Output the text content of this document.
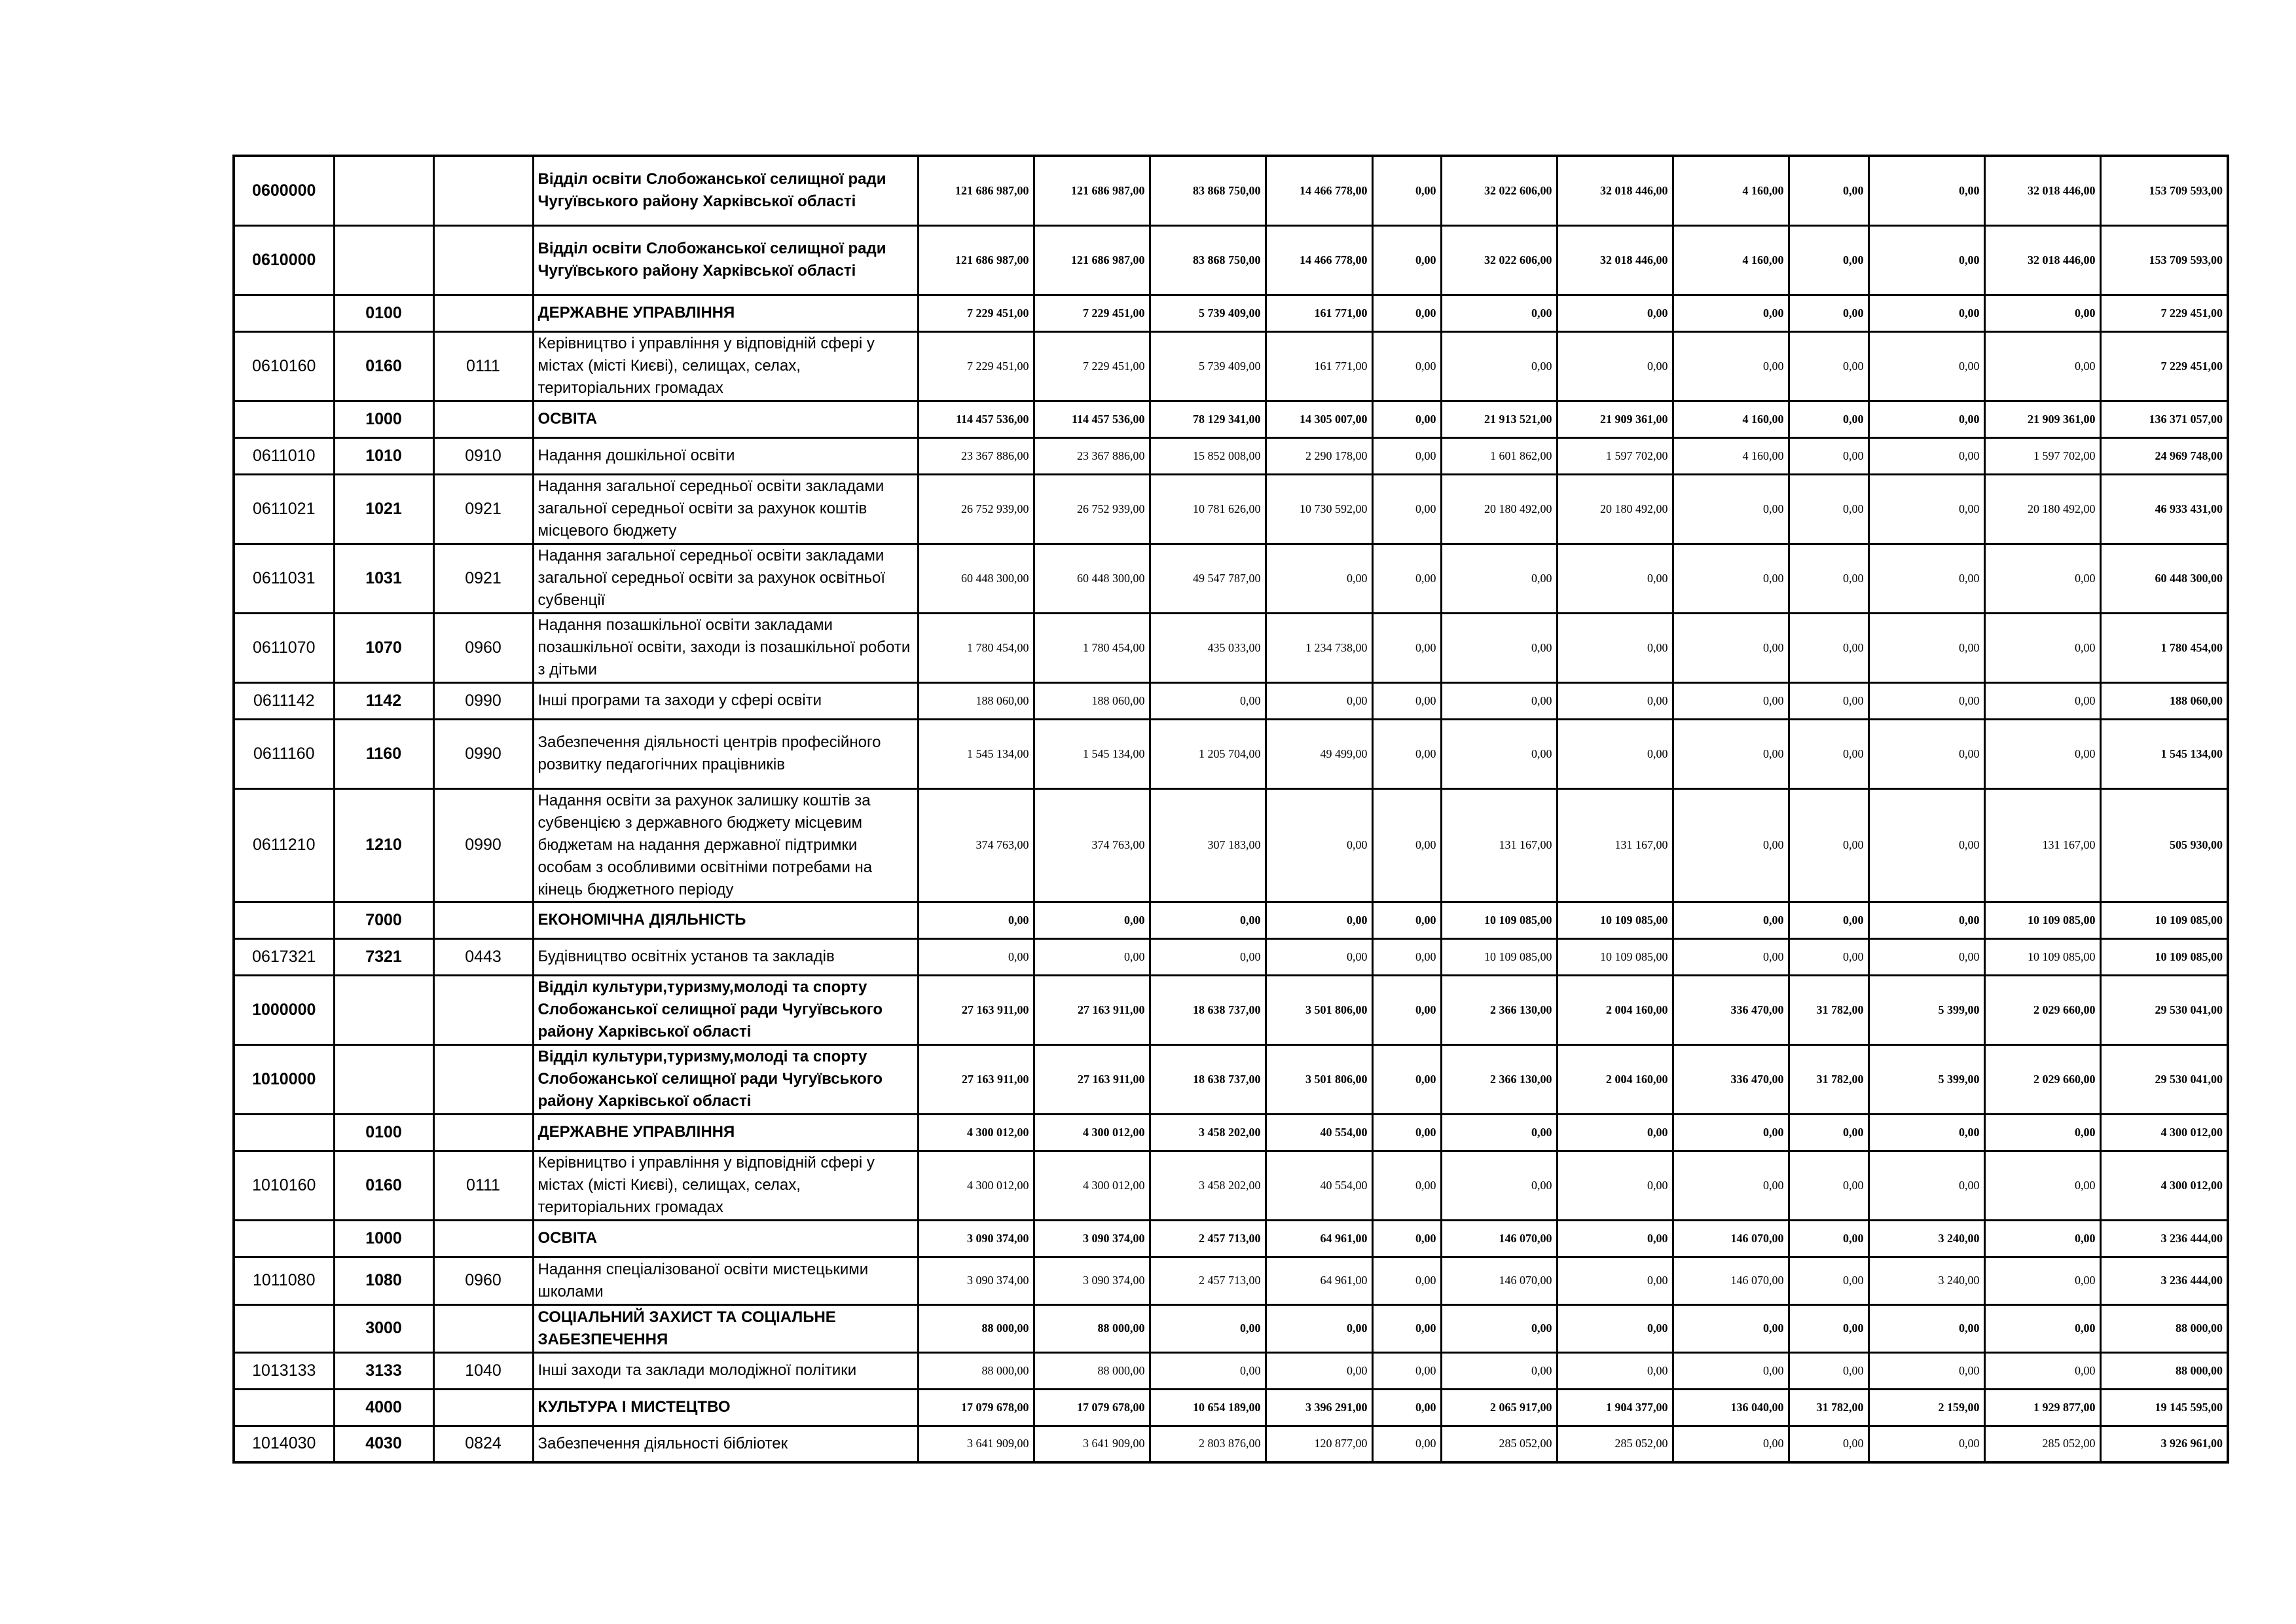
0600000			Відділ освіти Слобожанської селищної ради Чугуївського району Харківської області	121 686 987,00	121 686 987,00	83 868 750,00	14 466 778,00	0,00	32 022 606,00	32 018 446,00	4 160,00	0,00	0,00	32 018 446,00	153 709 593,00
0610000			Відділ освіти Слобожанської селищної ради Чугуївського району Харківської області	121 686 987,00	121 686 987,00	83 868 750,00	14 466 778,00	0,00	32 022 606,00	32 018 446,00	4 160,00	0,00	0,00	32 018 446,00	153 709 593,00
	0100		ДЕРЖАВНЕ УПРАВЛІННЯ	7 229 451,00	7 229 451,00	5 739 409,00	161 771,00	0,00	0,00	0,00	0,00	0,00	0,00	0,00	7 229 451,00
0610160	0160	0111	Керівництво і управління у відповідній сфері у містах (місті Києві), селищах, селах, територіальних громадах	7 229 451,00	7 229 451,00	5 739 409,00	161 771,00	0,00	0,00	0,00	0,00	0,00	0,00	0,00	7 229 451,00
	1000		ОСВІТА	114 457 536,00	114 457 536,00	78 129 341,00	14 305 007,00	0,00	21 913 521,00	21 909 361,00	4 160,00	0,00	0,00	21 909 361,00	136 371 057,00
0611010	1010	0910	Надання дошкільної освіти	23 367 886,00	23 367 886,00	15 852 008,00	2 290 178,00	0,00	1 601 862,00	1 597 702,00	4 160,00	0,00	0,00	1 597 702,00	24 969 748,00
0611021	1021	0921	Надання загальної середньої освіти закладами загальної середньої освіти за рахунок коштів місцевого бюджету	26 752 939,00	26 752 939,00	10 781 626,00	10 730 592,00	0,00	20 180 492,00	20 180 492,00	0,00	0,00	0,00	20 180 492,00	46 933 431,00
0611031	1031	0921	Надання загальної середньої освіти закладами загальної середньої освіти за рахунок освітньої субвенції	60 448 300,00	60 448 300,00	49 547 787,00	0,00	0,00	0,00	0,00	0,00	0,00	0,00	0,00	60 448 300,00
0611070	1070	0960	Надання позашкільної освіти закладами позашкільної освіти, заходи із позашкільної роботи з дітьми	1 780 454,00	1 780 454,00	435 033,00	1 234 738,00	0,00	0,00	0,00	0,00	0,00	0,00	0,00	1 780 454,00
0611142	1142	0990	Інші програми та заходи у сфері освіти	188 060,00	188 060,00	0,00	0,00	0,00	0,00	0,00	0,00	0,00	0,00	0,00	188 060,00
0611160	1160	0990	Забезпечення діяльності центрів професійного розвитку педагогічних працівників	1 545 134,00	1 545 134,00	1 205 704,00	49 499,00	0,00	0,00	0,00	0,00	0,00	0,00	0,00	1 545 134,00
0611210	1210	0990	Надання освіти за рахунок залишку коштів за субвенцією з державного бюджету місцевим бюджетам на надання державної підтримки особам з особливими освітніми потребами на кінець бюджетного періоду	374 763,00	374 763,00	307 183,00	0,00	0,00	131 167,00	131 167,00	0,00	0,00	0,00	131 167,00	505 930,00
	7000		ЕКОНОМІЧНА ДІЯЛЬНІСТЬ	0,00	0,00	0,00	0,00	0,00	10 109 085,00	10 109 085,00	0,00	0,00	0,00	10 109 085,00	10 109 085,00
0617321	7321	0443	Будівництво освітніх установ та закладів	0,00	0,00	0,00	0,00	0,00	10 109 085,00	10 109 085,00	0,00	0,00	0,00	10 109 085,00	10 109 085,00
1000000			Відділ культури,туризму,молоді та спорту Слобожанської селищної ради Чугуївського району Харківської області	27 163 911,00	27 163 911,00	18 638 737,00	3 501 806,00	0,00	2 366 130,00	2 004 160,00	336 470,00	31 782,00	5 399,00	2 029 660,00	29 530 041,00
1010000			Відділ культури,туризму,молоді та спорту Слобожанської селищної ради Чугуївського району Харківської області	27 163 911,00	27 163 911,00	18 638 737,00	3 501 806,00	0,00	2 366 130,00	2 004 160,00	336 470,00	31 782,00	5 399,00	2 029 660,00	29 530 041,00
	0100		ДЕРЖАВНЕ УПРАВЛІННЯ	4 300 012,00	4 300 012,00	3 458 202,00	40 554,00	0,00	0,00	0,00	0,00	0,00	0,00	0,00	4 300 012,00
1010160	0160	0111	Керівництво і управління у відповідній сфері у містах (місті Києві), селищах, селах, територіальних громадах	4 300 012,00	4 300 012,00	3 458 202,00	40 554,00	0,00	0,00	0,00	0,00	0,00	0,00	0,00	4 300 012,00
	1000		ОСВІТА	3 090 374,00	3 090 374,00	2 457 713,00	64 961,00	0,00	146 070,00	0,00	146 070,00	0,00	3 240,00	0,00	3 236 444,00
1011080	1080	0960	Надання спеціалізованої освіти мистецькими школами	3 090 374,00	3 090 374,00	2 457 713,00	64 961,00	0,00	146 070,00	0,00	146 070,00	0,00	3 240,00	0,00	3 236 444,00
	3000		СОЦІАЛЬНИЙ ЗАХИСТ ТА СОЦІАЛЬНЕ ЗАБЕЗПЕЧЕННЯ	88 000,00	88 000,00	0,00	0,00	0,00	0,00	0,00	0,00	0,00	0,00	0,00	88 000,00
1013133	3133	1040	Інші заходи та заклади молодіжної політики	88 000,00	88 000,00	0,00	0,00	0,00	0,00	0,00	0,00	0,00	0,00	0,00	88 000,00
	4000		КУЛЬТУРА І МИСТЕЦТВО	17 079 678,00	17 079 678,00	10 654 189,00	3 396 291,00	0,00	2 065 917,00	1 904 377,00	136 040,00	31 782,00	2 159,00	1 929 877,00	19 145 595,00
1014030	4030	0824	Забезпечення діяльності бібліотек	3 641 909,00	3 641 909,00	2 803 876,00	120 877,00	0,00	285 052,00	285 052,00	0,00	0,00	0,00	285 052,00	3 926 961,00
